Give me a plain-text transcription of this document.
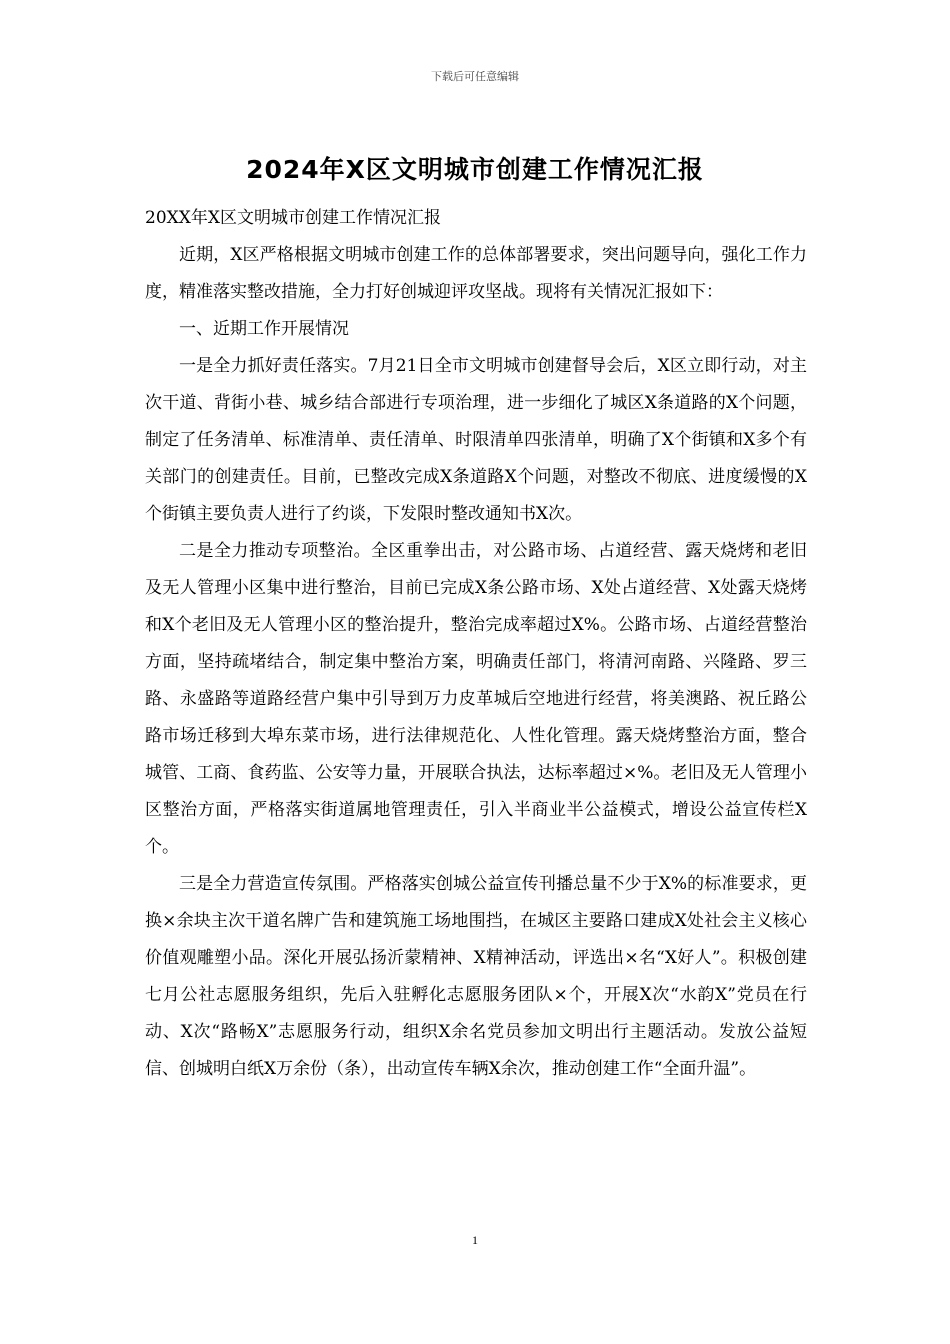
下载后可任意编辑
2024年X区文明城市创建工作情况汇报

20XX年X区文明城市创建工作情况汇报

近期，X区严格根据文明城市创建工作的总体部署要求，突出问题导向，强化工作力度，精准落实整改措施，全力打好创城迎评攻坚战。现将有关情况汇报如下：

一、近期工作开展情况

一是全力抓好责任落实。7月21日全市文明城市创建督导会后，X区立即行动，对主次干道、背街小巷、城乡结合部进行专项治理，进一步细化了城区X条道路的X个问题，制定了任务清单、标准清单、责任清单、时限清单四张清单，明确了X个街镇和X多个有关部门的创建责任。目前，已整改完成X条道路X个问题，对整改不彻底、进度缓慢的X个街镇主要负责人进行了约谈，下发限时整改通知书X次。

二是全力推动专项整治。全区重拳出击，对公路市场、占道经营、露天烧烤和老旧及无人管理小区集中进行整治，目前已完成X条公路市场、X处占道经营、X处露天烧烤和X个老旧及无人管理小区的整治提升，整治完成率超过X%。公路市场、占道经营整治方面，坚持疏堵结合，制定集中整治方案，明确责任部门，将清河南路、兴隆路、罗三路、永盛路等道路经营户集中引导到万力皮革城后空地进行经营，将美澳路、祝丘路公路市场迁移到大埠东菜市场，进行法律规范化、人性化管理。露天烧烤整治方面，整合城管、工商、食药监、公安等力量，开展联合执法，达标率超过×%。老旧及无人管理小区整治方面，严格落实街道属地管理责任，引入半商业半公益模式，增设公益宣传栏X个。

三是全力营造宣传氛围。严格落实创城公益宣传刊播总量不少于X%的标准要求，更换×余块主次干道名牌广告和建筑施工场地围挡，在城区主要路口建成X处社会主义核心价值观雕塑小品。深化开展弘扬沂蒙精神、X精神活动，评选出×名“X好人”。积极创建七月公社志愿服务组织，先后入驻孵化志愿服务团队×个，开展X次“水韵X”党员在行动、X次“路畅X”志愿服务行动，组织X余名党员参加文明出行主题活动。发放公益短信、创城明白纸X万余份（条），出动宣传车辆X余次，推动创建工作“全面升温”。

1
